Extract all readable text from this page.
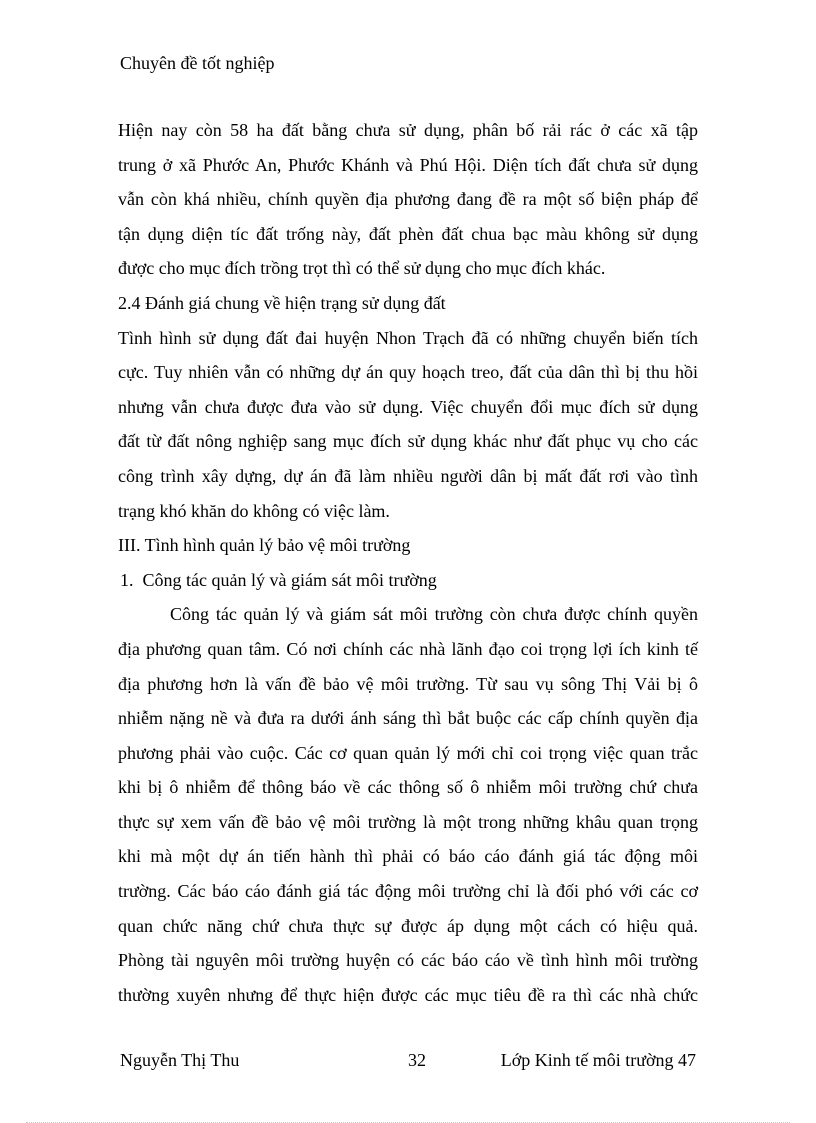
Chuyên đề tốt nghiệp
Hiện nay còn 58 ha đất bằng chưa sử dụng, phân bố rải rác ở các xã tập
trung ở xã Phước An, Phước Khánh và Phú Hội. Diện tích đất chưa sử dụng
vẫn còn khá nhiều, chính quyền địa phương đang đề ra một số biện pháp để
tận dụng diện tíc đất trống này, đất phèn đất chua bạc màu không sử dụng
được cho mục đích trồng trọt thì có thể sử dụng cho mục đích khác.
2.4 Đánh giá chung về hiện trạng sử dụng đất
Tình hình sử dụng đất đai huyện Nhon Trạch đã có những chuyển biến tích
cực. Tuy nhiên vẫn có những dự án quy hoạch treo, đất của dân thì bị thu hồi
nhưng vẫn chưa được đưa vào sử dụng. Việc chuyển đổi mục đích sử dụng
đất từ đất nông nghiệp sang mục đích sử dụng khác như đất phục vụ cho các
công trình xây dựng, dự án đã làm nhiều người dân bị mất đất rơi vào tình
trạng khó khăn do không có việc làm.
III. Tình hình quản lý bảo vệ môi trường
1.  Công tác quản lý và giám sát môi trường
Công tác quản lý và giám sát môi trường còn chưa được chính quyền
địa phương quan tâm. Có nơi chính các nhà lãnh đạo coi trọng lợi ích kinh tế
địa phương hơn là vấn đề bảo vệ môi trường. Từ sau vụ sông Thị Vải bị ô
nhiễm nặng nề và đưa ra dưới ánh sáng thì bắt buộc các cấp chính quyền địa
phương phải vào cuộc. Các cơ quan quản lý mới chỉ coi trọng việc quan trắc
khi bị ô nhiễm để thông báo về các thông số ô nhiễm môi trường chứ chưa
thực sự xem vấn đề bảo vệ môi trường là một trong những khâu quan trọng
khi mà một dự án tiến hành thì phải có báo cáo đánh giá tác động môi
trường. Các báo cáo đánh giá tác động môi trường chỉ là đối phó với các cơ
quan chức năng chứ chưa thực sự được áp dụng một cách có hiệu quả.
Phòng tài nguyên môi trường huyện có các báo cáo về tình hình môi trường
thường xuyên nhưng để thực hiện được các mục tiêu đề ra thì các nhà chức
Nguyễn Thị Thu	32	Lớp Kinh tế môi trường 47
